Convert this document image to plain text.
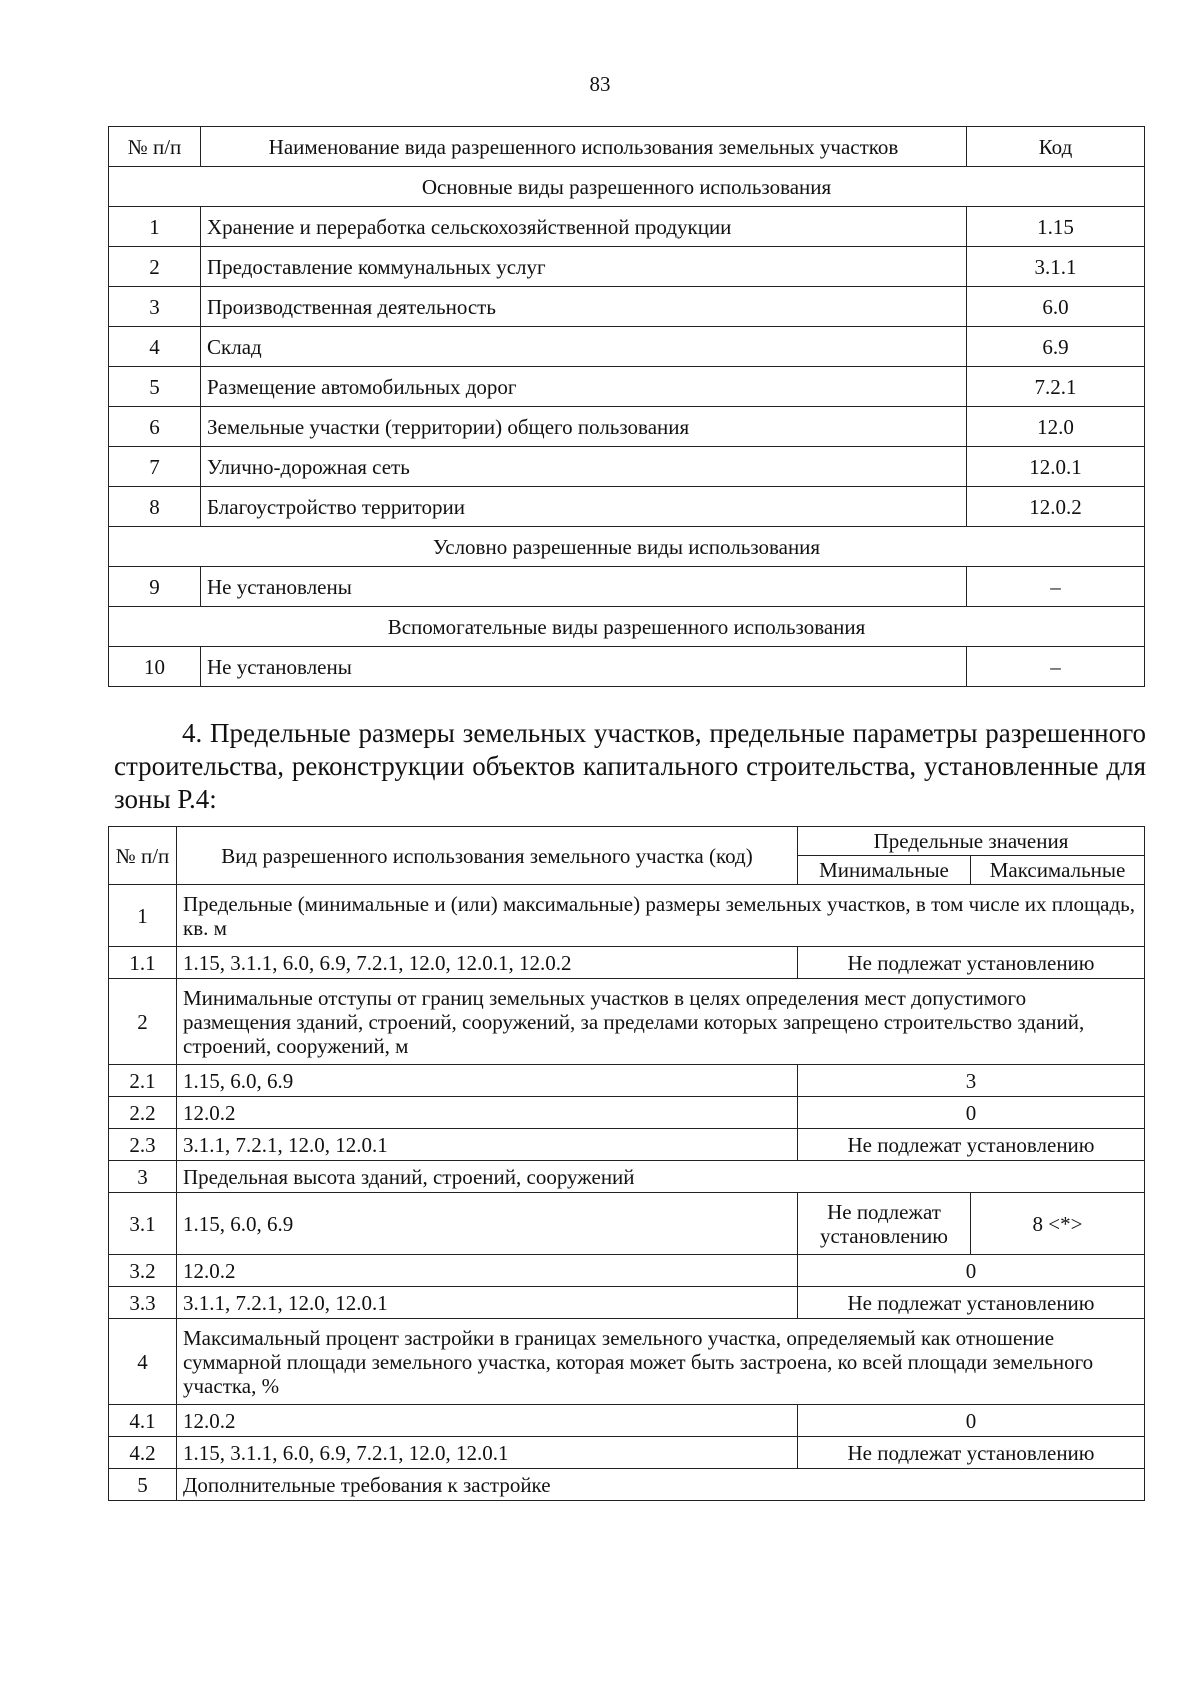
83
№ п/п	Наименование вида разрешенного использования земельных участков	Код
Основные виды разрешенного использования		
1	Хранение и переработка сельскохозяйственной продукции	1.15
2	Предоставление коммунальных услуг	3.1.1
3	Производственная деятельность	6.0
4	Склад	6.9
5	Размещение автомобильных дорог	7.2.1
6	Земельные участки (территории) общего пользования	12.0
7	Улично-дорожная сеть	12.0.1
8	Благоустройство территории	12.0.2
Условно разрешенные виды использования		
9	Не установлены	–
Вспомогательные виды разрешенного использования		
10	Не установлены	–
4. Предельные размеры земельных участков, предельные параметры разрешенного строительства, реконструкции объектов капитального строительства, установленные для зоны Р.4:
№ п/п	Вид разрешенного использования земельного участка (код)	Предельные значения	
		Минимальные	Максимальные
1	Предельные (минимальные и (или) максимальные) размеры земельных участков, в том числе их площадь, кв. м		
1.1	1.15, 3.1.1, 6.0, 6.9, 7.2.1, 12.0, 12.0.1, 12.0.2	Не подлежат установлению	
2	Минимальные отступы от границ земельных участков в целях определения мест допустимого размещения зданий, строений, сооружений, за пределами которых запрещено строительство зданий, строений, сооружений, м		
2.1	1.15, 6.0, 6.9	3	
2.2	12.0.2	0	
2.3	3.1.1, 7.2.1, 12.0, 12.0.1	Не подлежат установлению	
3	Предельная высота зданий, строений, сооружений		
3.1	1.15, 6.0, 6.9	Не подлежат установлению	8 <*>
3.2	12.0.2	0	
3.3	3.1.1, 7.2.1, 12.0, 12.0.1	Не подлежат установлению	
4	Максимальный процент застройки в границах земельного участка, определяемый как отношение суммарной площади земельного участка, которая может быть застроена, ко всей площади земельного участка, %		
4.1	12.0.2	0	
4.2	1.15, 3.1.1, 6.0, 6.9, 7.2.1, 12.0, 12.0.1	Не подлежат установлению	
5	Дополнительные требования к застройке		
